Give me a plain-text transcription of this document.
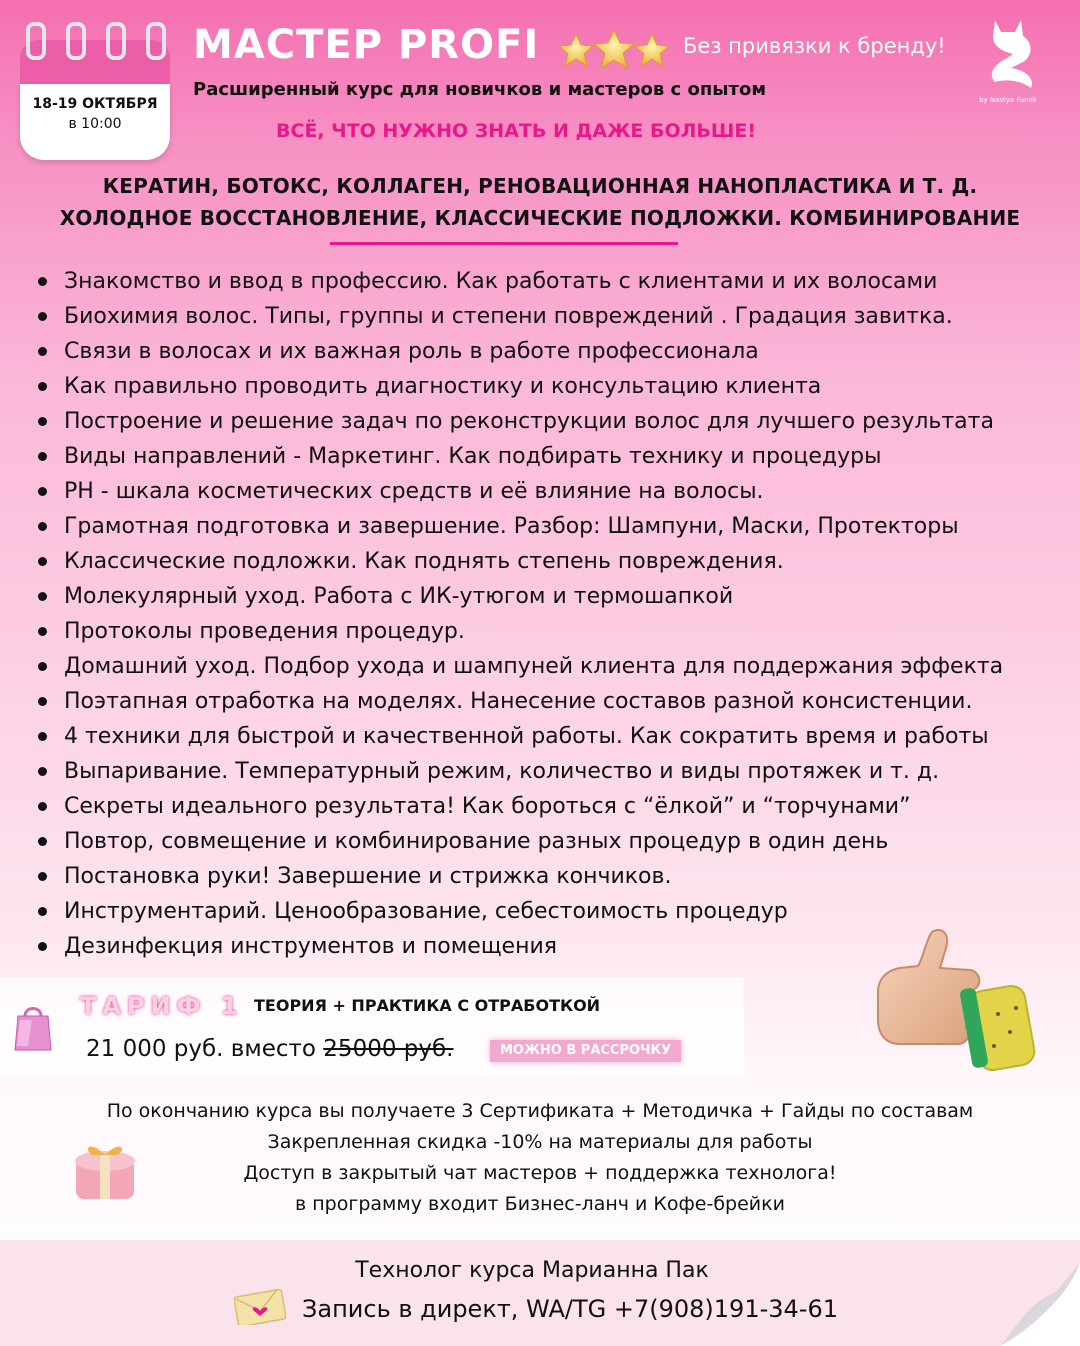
18-19 ОКТЯБРЯ
в 10:00
МАСТЕР PROFI	Без привязки к бренду!
by Nastya Fanek
Расширенный курс для новичков и мастеров с опытом
ВСЁ, ЧТО НУЖНО ЗНАТЬ И ДАЖЕ БОЛЬШЕ!
КЕРАТИН, БОТОКС, КОЛЛАГЕН, РЕНОВАЦИОННАЯ НАНОПЛАСТИКА И Т. Д.
ХОЛОДНОЕ ВОССТАНОВЛЕНИЕ, КЛАССИЧЕСКИЕ ПОДЛОЖКИ. КОМБИНИРОВАНИЕ
Знакомство и ввод в профессию. Как работать с клиентами и их волосами
Биохимия волос. Типы, группы и степени повреждений . Градация завитка.
Связи в волосах и их важная роль в работе профессионала
Как правильно проводить диагностику и консультацию клиента
Построение и решение задач по реконструкции волос для лучшего результата
Виды направлений - Маркетинг. Как подбирать технику и процедуры
PH - шкала косметических средств и её влияние на волосы.
Грамотная подготовка и завершение. Разбор: Шампуни, Маски, Протекторы
Классические подложки. Как поднять степень повреждения.
Молекулярный уход. Работа с ИК-утюгом и термошапкой
Протоколы проведения процедур.
Домашний уход. Подбор ухода и шампуней клиента для поддержания эффекта
Поэтапная отработка на моделях. Нанесение составов разной консистенции.
4 техники для быстрой и качественной работы. Как сократить время и работы
Выпаривание. Температурный режим, количество и виды протяжек и т. д.
Секреты идеального результата! Как бороться с “ёлкой” и “торчунами”
Повтор, совмещение и комбинирование разных процедур в один день
Постановка руки! Завершение и стрижка кончиков.
Инструментарий. Ценообразование, себестоимость процедур
Дезинфекция инструментов и помещения
ТАРИФ 1 ТЕОРИЯ + ПРАКТИКА С ОТРАБОТКОЙ
21 000 руб. вместо 25000 руб.	МОЖНО В РАССРОЧКУ
По окончанию курса вы получаете 3 Сертификата + Методичка + Гайды по составам
Закрепленная скидка -10% на материалы для работы
Доступ в закрытый чат мастеров + поддержка технолога!
в программу входит Бизнес-ланч и Кофе-брейки
Технолог курса Марианна Пак
Запись в директ, WA/TG +7(908)191-34-61
